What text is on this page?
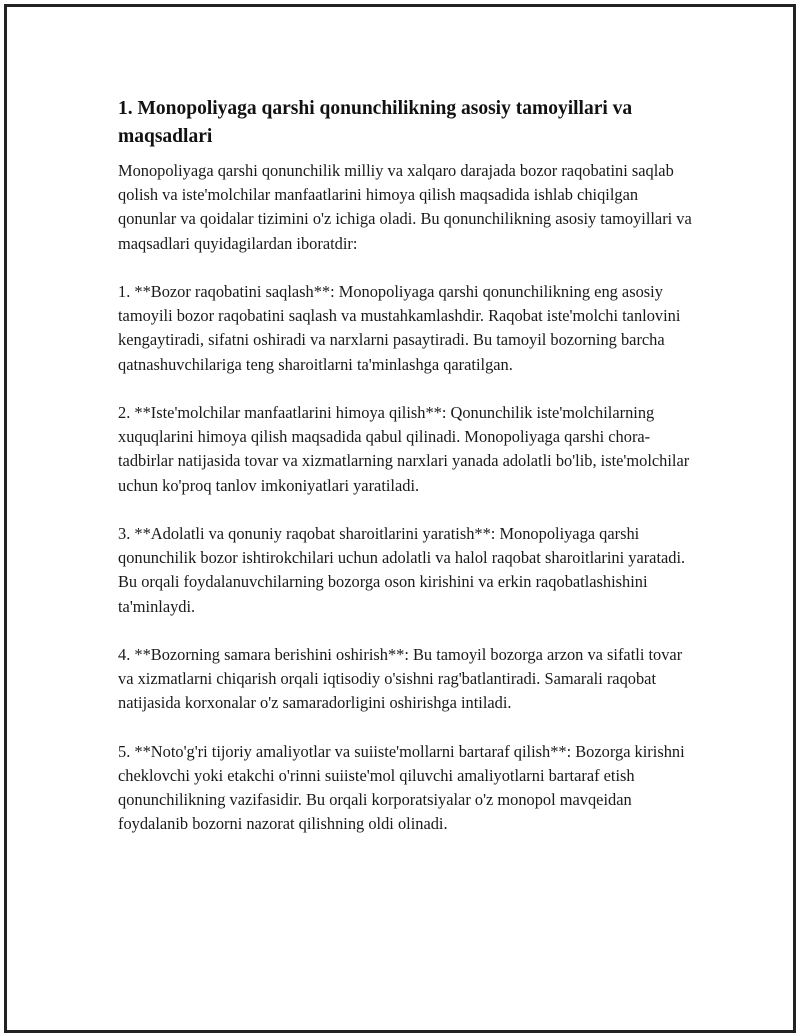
1. Monopoliyaga qarshi qonunchilikning asosiy tamoyillari va maqsadlari

Monopoliyaga qarshi qonunchilik milliy va xalqaro darajada bozor raqobatini saqlab qolish va iste'molchilar manfaatlarini himoya qilish maqsadida ishlab chiqilgan qonunlar va qoidalar tizimini o'z ichiga oladi. Bu qonunchilikning asosiy tamoyillari va maqsadlari quyidagilardan iboratdir:

1. **Bozor raqobatini saqlash**: Monopoliyaga qarshi qonunchilikning eng asosiy tamoyili bozor raqobatini saqlash va mustahkamlashdir. Raqobat iste'molchi tanlovini kengaytiradi, sifatni oshiradi va narxlarni pasaytiradi. Bu tamoyil bozorning barcha qatnashuvchilariga teng sharoitlarni ta'minlashga qaratilgan.

2. **Iste'molchilar manfaatlarini himoya qilish**: Qonunchilik iste'molchilarning xuquqlarini himoya qilish maqsadida qabul qilinadi. Monopoliyaga qarshi chora-tadbirlar natijasida tovar va xizmatlarning narxlari yanada adolatli bo'lib, iste'molchilar uchun ko'proq tanlov imkoniyatlari yaratiladi.

3. **Adolatli va qonuniy raqobat sharoitlarini yaratish**: Monopoliyaga qarshi qonunchilik bozor ishtirokchilari uchun adolatli va halol raqobat sharoitlarini yaratadi. Bu orqali foydalanuvchilarning bozorga oson kirishini va erkin raqobatlashishini ta'minlaydi.

4. **Bozorning samara berishini oshirish**: Bu tamoyil bozorga arzon va sifatli tovar va xizmatlarni chiqarish orqali iqtisodiy o'sishni rag'batlantiradi. Samarali raqobat natijasida korxonalar o'z samaradorligini oshirishga intiladi.

5. **Noto'g'ri tijoriy amaliyotlar va suiiste'mollarni bartaraf qilish**: Bozorga kirishni cheklovchi yoki etakchi o'rinni suiiste'mol qiluvchi amaliyotlarni bartaraf etish qonunchilikning vazifasidir. Bu orqali korporatsiyalar o'z monopol mavqeidan foydalanib bozorni nazorat qilishning oldi olinadi.
